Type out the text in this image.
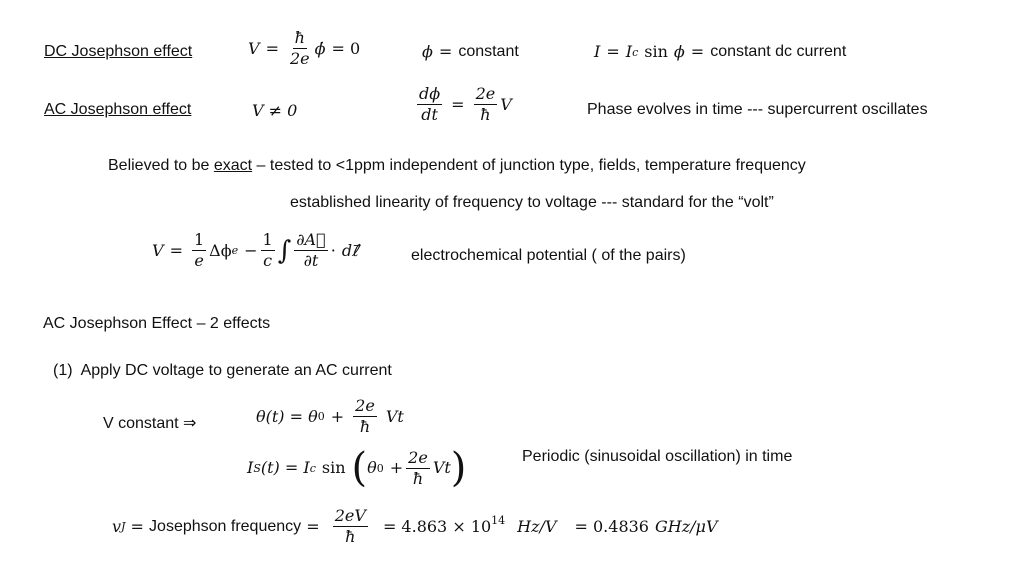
DC Josephson effect	$V = \frac{ħ}{2e}$ ϕ̇ = 0	ϕ = constant	I = I c sin ϕ = constant dc current
AC Josephson effect	V ≠ 0	$\frac{d\phi}{dt} = \frac{2e}{ħ}$ V	Phase evolves in time --- supercurrent oscillates
Believed to be exact – tested to <1ppm independent of junction type, fields, temperature frequency
established linearity of frequency to voltage --- standard for the “volt”
$V = \frac{1}{e}$ Δϕ $e - \frac{1}{c}$ ∫ $\frac{\partial A⃗}{\partial t}$ · dℓ⃗	electrochemical potential ( of the pairs)
AC Josephson Effect – 2 effects
(1)  Apply DC voltage to generate an AC current
V constant ⇒	θ(t) = θ $0 + \frac{2e}{ħ}$ Vt
I S (t) = I c sin ( θ $0 + \frac{2e}{ħ}$ Vt )	Periodic (sinusoidal oscillation) in time
v J = Josephson frequency = $\frac{2eV}{ħ} = 4.863 \times 10^{14}$ Hz/V = 0.4836 GHz/μV
